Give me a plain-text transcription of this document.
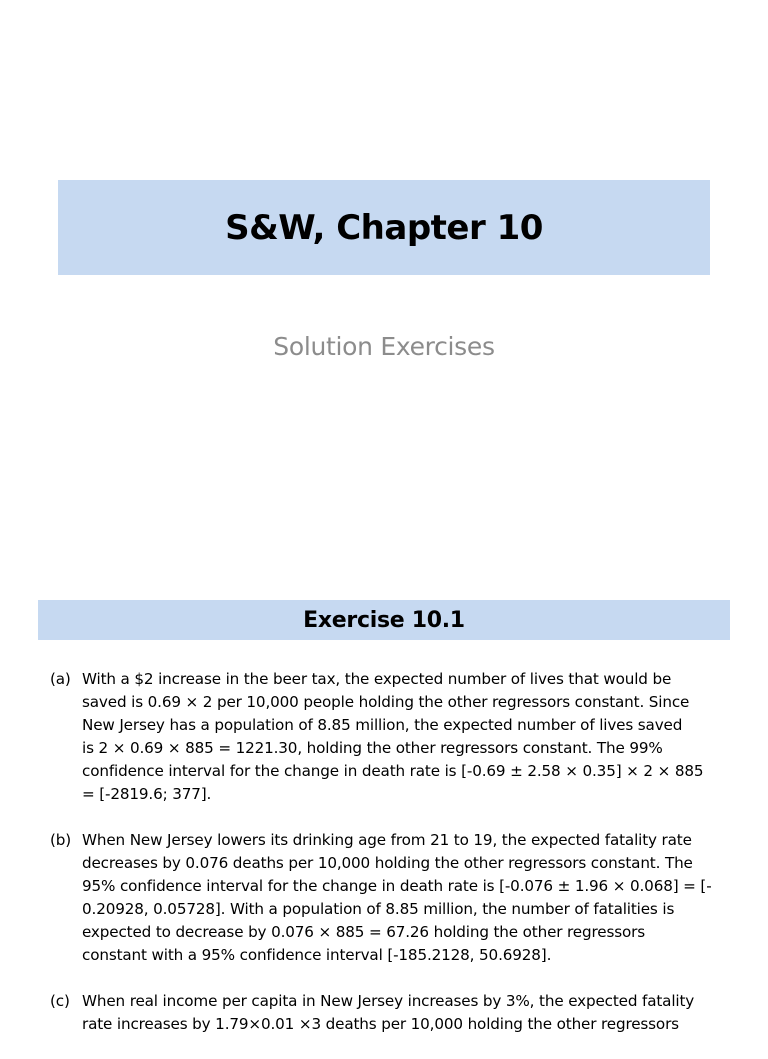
S&W, Chapter 10

Solution Exercises

Exercise 10.1
(a) With a $2 increase in the beer tax, the expected number of lives that would be
saved is 0.69 × 2 per 10,000 people holding the other regressors constant. Since
New Jersey has a population of 8.85 million, the expected number of lives saved
is 2 × 0.69 × 885 = 1221.30, holding the other regressors constant. The 99%
confidence interval for the change in death rate is [-0.69 ± 2.58 × 0.35] × 2 × 885
= [-2819.6; 377].
(b) When New Jersey lowers its drinking age from 21 to 19, the expected fatality rate
decreases by 0.076 deaths per 10,000 holding the other regressors constant. The
95% confidence interval for the change in death rate is [-0.076 ± 1.96 × 0.068] = [-
0.20928, 0.05728]. With a population of 8.85 million, the number of fatalities is
expected to decrease by 0.076 × 885 = 67.26 holding the other regressors
constant with a 95% confidence interval [-185.2128, 50.6928].
(c) When real income per capita in New Jersey increases by 3%, the expected fatality
rate increases by 1.79×0.01 ×3 deaths per 10,000 holding the other regressors
